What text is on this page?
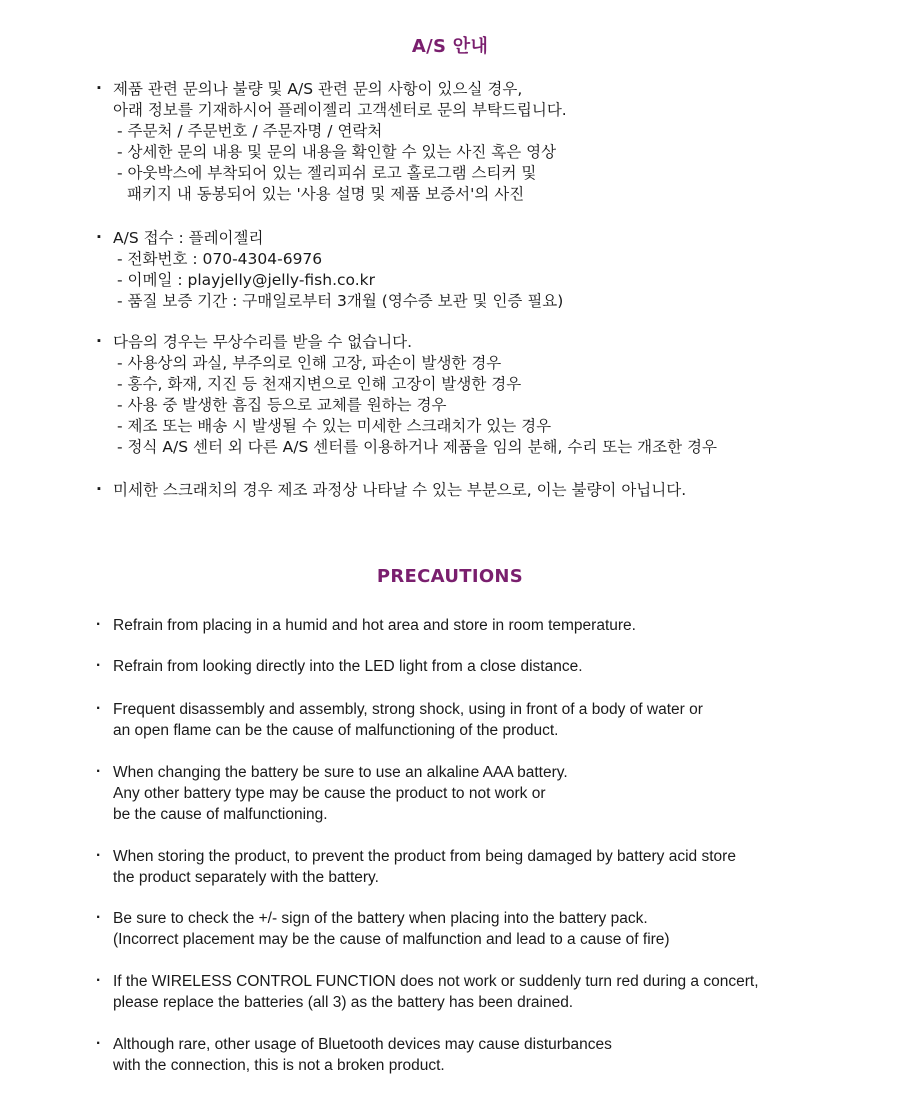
A/S 안내
· 제품 관련 문의나 불량 및 A/S 관련 문의 사항이 있으실 경우,
아래 정보를 기재하시어 플레이젤리 고객센터로 문의 부탁드립니다.
- 주문처 / 주문번호 / 주문자명 / 연락처
- 상세한 문의 내용 및 문의 내용을 확인할 수 있는 사진 혹은 영상
- 아웃박스에 부착되어 있는 젤리피쉬 로고 홀로그램 스티커 및
패키지 내 동봉되어 있는 '사용 설명 및 제품 보증서'의 사진
· A/S 접수 : 플레이젤리
- 전화번호 : 070-4304-6976
- 이메일 : playjelly@jelly-fish.co.kr
- 품질 보증 기간 : 구매일로부터 3개월 (영수증 보관 및 인증 필요)
· 다음의 경우는 무상수리를 받을 수 없습니다.
- 사용상의 과실, 부주의로 인해 고장, 파손이 발생한 경우
- 홍수, 화재, 지진 등 천재지변으로 인해 고장이 발생한 경우
- 사용 중 발생한 흠집 등으로 교체를 원하는 경우
- 제조 또는 배송 시 발생될 수 있는 미세한 스크래치가 있는 경우
- 정식 A/S 센터 외 다른 A/S 센터를 이용하거나 제품을 임의 분해, 수리 또는 개조한 경우
· 미세한 스크래치의 경우 제조 과정상 나타날 수 있는 부분으로, 이는 불량이 아닙니다.
PRECAUTIONS
· Refrain from placing in a humid and hot area and store in room temperature.
· Refrain from looking directly into the LED light from a close distance.
· Frequent disassembly and assembly, strong shock, using in front of a body of water or
an open flame can be the cause of malfunctioning of the product.
· When changing the battery be sure to use an alkaline AAA battery.
Any other battery type may be cause the product to not work or
be the cause of malfunctioning.
· When storing the product, to prevent the product from being damaged by battery acid store
the product separately with the battery.
· Be sure to check the +/- sign of the battery when placing into the battery pack.
(Incorrect placement may be the cause of malfunction and lead to a cause of fire)
· If the WIRELESS CONTROL FUNCTION does not work or suddenly turn red during a concert,
please replace the batteries (all 3) as the battery has been drained.
· Although rare, other usage of Bluetooth devices may cause disturbances
with the connection, this is not a broken product.
